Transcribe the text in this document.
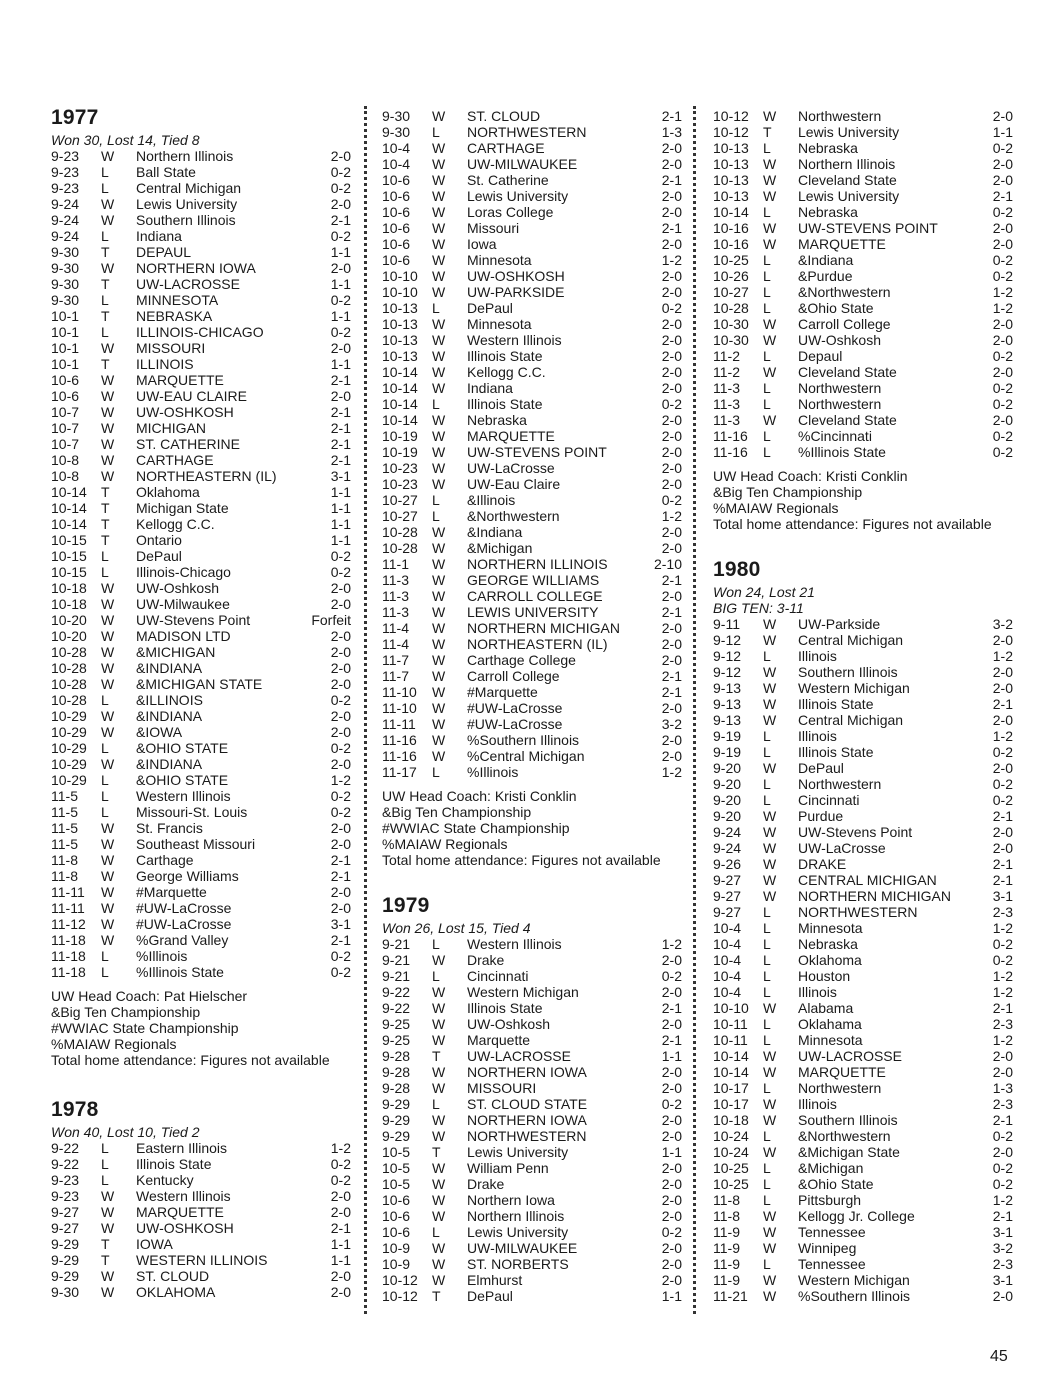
1977
Won 30, Lost 14, Tied 8
9-23 W Northern Illinois	2-0
9-23 L Ball State	0-2
9-23 L Central Michigan	0-2
9-24 W Lewis University	2-0
9-24 W Southern Illinois	2-1
9-24 L Indiana	0-2
9-30 T DEPAUL	1-1
9-30 W NORTHERN IOWA	2-0
9-30 T UW-LACROSSE	1-1
9-30 L MINNESOTA	0-2
10-1 T NEBRASKA	1-1
10-1 L ILLINOIS-CHICAGO	0-2
10-1 W MISSOURI	2-0
10-1 T ILLINOIS	1-1
10-6 W MARQUETTE	2-1
10-6 W UW-EAU CLAIRE	2-0
10-7 W UW-OSHKOSH	2-1
10-7 W MICHIGAN	2-1
10-7 W ST. CATHERINE	2-1
10-8 W CARTHAGE	2-1
10-8 W NORTHEASTERN (IL)	3-1
10-14 T Oklahoma	1-1
10-14 T Michigan State	1-1
10-14 T Kellogg C.C.	1-1
10-15 T Ontario	1-1
10-15 L DePaul	0-2
10-15 L Illinois-Chicago	0-2
10-18 W UW-Oshkosh	2-0
10-18 W UW-Milwaukee	2-0
10-20 W UW-Stevens Point	Forfeit
10-20 W MADISON LTD	2-0
10-28 W &MICHIGAN	2-0
10-28 W &INDIANA	2-0
10-28 W &MICHIGAN STATE	2-0
10-28 L &ILLINOIS	0-2
10-29 W &INDIANA	2-0
10-29 W &IOWA	2-0
10-29 L &OHIO STATE	0-2
10-29 W &INDIANA	2-0
10-29 L &OHIO STATE	1-2
11-5 L Western Illinois	0-2
11-5 L Missouri-St. Louis	0-2
11-5 W St. Francis	2-0
11-5 W Southeast Missouri	2-0
11-8 W Carthage	2-1
11-8 W George Williams	2-1
11-11 W #Marquette	2-0
11-11 W #UW-LaCrosse	2-0
11-12 W #UW-LaCrosse	3-1
11-18 W %Grand Valley	2-1
11-18 L %Illinois	0-2
11-18 L %Illinois State	0-2
UW Head Coach: Pat Hielscher
&Big Ten Championship
#WWIAC State Championship
%MAIAW Regionals
Total home attendance: Figures not available
1978
Won 40, Lost 10, Tied 2
9-22 L Eastern Illinois	1-2
9-22 L Illinois State	0-2
9-23 L Kentucky	0-2
9-23 W Western Illinois	2-0
9-27 W MARQUETTE	2-0
9-27 W UW-OSHKOSH	2-1
9-29 T IOWA	1-1
9-29 T WESTERN ILLINOIS	1-1
9-29 W ST. CLOUD	2-0
9-30 W OKLAHOMA	2-0
9-30 W ST. CLOUD	2-1
9-30 L NORTHWESTERN	1-3
10-4 W CARTHAGE	2-0
10-4 W UW-MILWAUKEE	2-0
10-6 W St. Catherine	2-1
10-6 W Lewis University	2-0
10-6 W Loras College	2-0
10-6 W Missouri	2-1
10-6 W Iowa	2-0
10-6 W Minnesota	1-2
10-10 W UW-OSHKOSH	2-0
10-10 W UW-PARKSIDE	2-0
10-13 L DePaul	0-2
10-13 W Minnesota	2-0
10-13 W Western Illinois	2-0
10-13 W Illinois State	2-0
10-14 W Kellogg C.C.	2-0
10-14 W Indiana	2-0
10-14 L Illinois State	0-2
10-14 W Nebraska	2-0
10-19 W MARQUETTE	2-0
10-19 W UW-STEVENS POINT	2-0
10-23 W UW-LaCrosse	2-0
10-23 W UW-Eau Claire	2-0
10-27 L &Illinois	0-2
10-27 L &Northwestern	1-2
10-28 W &Indiana	2-0
10-28 W &Michigan	2-0
11-1 W NORTHERN ILLINOIS	2-10
11-3 W GEORGE WILLIAMS	2-1
11-3 W CARROLL COLLEGE	2-0
11-3 W LEWIS UNIVERSITY	2-1
11-4 W NORTHERN MICHIGAN	2-0
11-4 W NORTHEASTERN (IL)	2-0
11-7 W Carthage College	2-0
11-7 W Carroll College	2-1
11-10 W #Marquette	2-1
11-10 W #UW-LaCrosse	2-0
11-11 W #UW-LaCrosse	3-2
11-16 W %Southern Illinois	2-0
11-16 W %Central Michigan	2-0
11-17 L %Illinois	1-2
UW Head Coach: Kristi Conklin
&Big Ten Championship
#WWIAC State Championship
%MAIAW Regionals
Total home attendance: Figures not available
1979
Won 26, Lost 15, Tied 4
9-21 L Western Illinois	1-2
9-21 W Drake	2-0
9-21 L Cincinnati	0-2
9-22 W Western Michigan	2-0
9-22 W Illinois State	2-1
9-25 W UW-Oshkosh	2-0
9-25 W Marquette	2-1
9-28 T UW-LACROSSE	1-1
9-28 W NORTHERN IOWA	2-0
9-28 W MISSOURI	2-0
9-29 L ST. CLOUD STATE	0-2
9-29 W NORTHERN IOWA	2-0
9-29 W NORTHWESTERN	2-0
10-5 T Lewis University	1-1
10-5 W William Penn	2-0
10-5 W Drake	2-0
10-6 W Northern Iowa	2-0
10-6 W Northern Illinois	2-0
10-6 L Lewis University	0-2
10-9 W UW-MILWAUKEE	2-0
10-9 W ST. NORBERTS	2-0
10-12 W Elmhurst	2-0
10-12 T DePaul	1-1
10-12 W Northwestern	2-0
10-12 T Lewis University	1-1
10-13 L Nebraska	0-2
10-13 W Northern Illinois	2-0
10-13 W Cleveland State	2-0
10-13 W Lewis University	2-1
10-14 L Nebraska	0-2
10-16 W UW-STEVENS POINT	2-0
10-16 W MARQUETTE	2-0
10-25 L &Indiana	0-2
10-26 L &Purdue	0-2
10-27 L &Northwestern	1-2
10-28 L &Ohio State	1-2
10-30 W Carroll College	2-0
10-30 W UW-Oshkosh	2-0
11-2 L Depaul	0-2
11-2 W Cleveland State	2-0
11-3 L Northwestern	0-2
11-3 L Northwestern	0-2
11-3 W Cleveland State	2-0
11-16 L %Cincinnati	0-2
11-16 L %Illinois State	0-2
UW Head Coach: Kristi Conklin
&Big Ten Championship
%MAIAW Regionals
Total home attendance: Figures not available
1980
Won 24, Lost 21
BIG TEN: 3-11
9-11 W UW-Parkside	3-2
9-12 W Central Michigan	2-0
9-12 L Illinois	1-2
9-12 W Southern Illinois	2-0
9-13 W Western Michigan	2-0
9-13 W Illinois State	2-1
9-13 W Central Michigan	2-0
9-19 L Illinois	1-2
9-19 L Illinois State	0-2
9-20 W DePaul	2-0
9-20 L Northwestern	0-2
9-20 L Cincinnati	0-2
9-20 W Purdue	2-1
9-24 W UW-Stevens Point	2-0
9-24 W UW-LaCrosse	2-0
9-26 W DRAKE	2-1
9-27 W CENTRAL MICHIGAN	2-1
9-27 W NORTHERN MICHIGAN	3-1
9-27 L NORTHWESTERN	2-3
10-4 L Minnesota	1-2
10-4 L Nebraska	0-2
10-4 L Oklahoma	0-2
10-4 L Houston	1-2
10-4 L Illinois	1-2
10-10 W Alabama	2-1
10-11 L Oklahama	2-3
10-11 L Minnesota	1-2
10-14 W UW-LACROSSE	2-0
10-14 W MARQUETTE	2-0
10-17 L Northwestern	1-3
10-17 W Illinois	2-3
10-18 W Southern Illinois	2-1
10-24 L &Northwestern	0-2
10-24 W &Michigan State	2-0
10-25 L &Michigan	0-2
10-25 L &Ohio State	0-2
11-8 L Pittsburgh	1-2
11-8 W Kellogg Jr. College	2-1
11-9 W Tennessee	3-1
11-9 W Winnipeg	3-2
11-9 L Tennessee	2-3
11-9 W Western Michigan	3-1
11-21 W %Southern Illinois	2-0
45
